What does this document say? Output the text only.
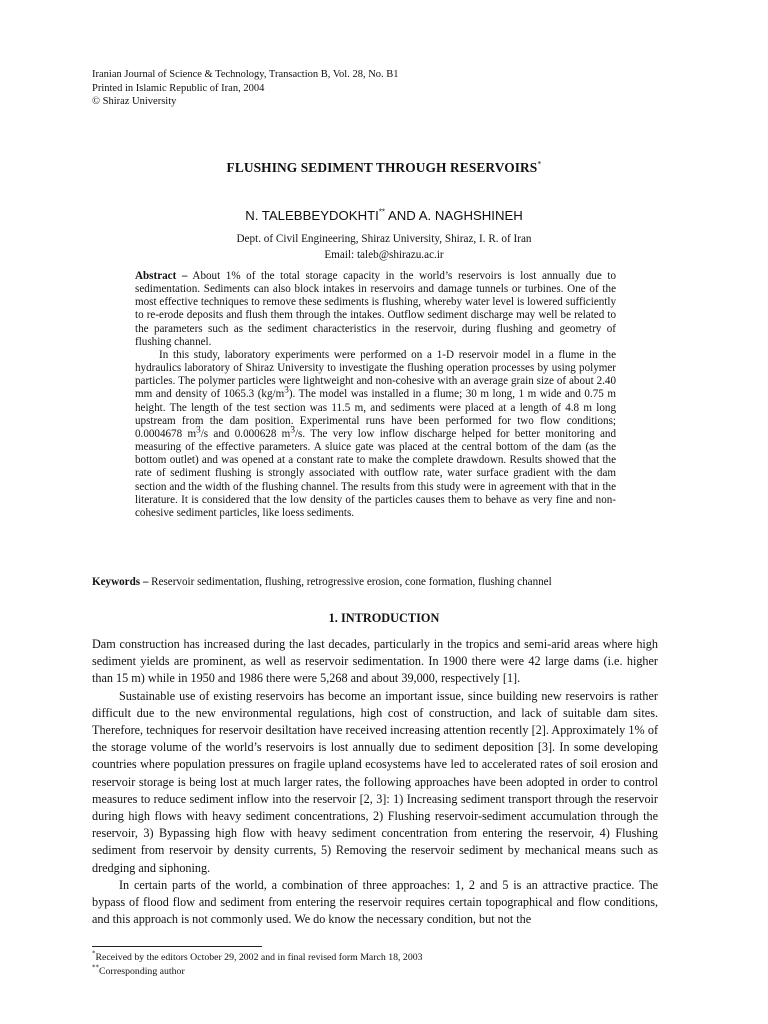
Iranian Journal of Science & Technology, Transaction B, Vol. 28, No. B1
Printed in Islamic Republic of Iran, 2004
© Shiraz University
FLUSHING SEDIMENT THROUGH RESERVOIRS*
N. TALEBBEYDOKHTI** AND A. NAGHSHINEH
Dept. of Civil Engineering, Shiraz University, Shiraz, I. R. of Iran
Email: taleb@shirazu.ac.ir

Abstract – About 1% of the total storage capacity in the world’s reservoirs is lost annually due to sedimentation. Sediments can also block intakes in reservoirs and damage tunnels or turbines. One of the most effective techniques to remove these sediments is flushing, whereby water level is lowered sufficiently to re-erode deposits and flush them through the intakes. Outflow sediment discharge may well be related to the parameters such as the sediment characteristics in the reservoir, during flushing and geometry of flushing channel.

In this study, laboratory experiments were performed on a 1-D reservoir model in a flume in the hydraulics laboratory of Shiraz University to investigate the flushing operation processes by using polymer particles. The polymer particles were lightweight and non-cohesive with an average grain size of about 2.40 mm and density of 1065.3 $(kg/m^3)$. The model was installed in a flume; 30 m long, 1 m wide and 0.75 m height. The length of the test section was 11.5 m, and sediments were placed at a length of 4.8 m long upstream from the dam position. Experimental runs have been performed for two flow conditions; 0.0004678 $m^3/s$ and 0.000628 $m^3/s$. The very low inflow discharge helped for better monitoring and measuring of the effective parameters. A sluice gate was placed at the central bottom of the dam (as the bottom outlet) and was opened at a constant rate to make the complete drawdown. Results showed that the rate of sediment flushing is strongly associated with outflow rate, water surface gradient with the dam section and the width of the flushing channel. The results from this study were in agreement with that in the literature. It is considered that the low density of the particles causes them to behave as very fine and non-cohesive sediment particles, like loess sediments.

Keywords – Reservoir sedimentation, flushing, retrogressive erosion, cone formation, flushing channel
1. INTRODUCTION

Dam construction has increased during the last decades, particularly in the tropics and semi-arid areas where high sediment yields are prominent, as well as reservoir sedimentation. In 1900 there were 42 large dams (i.e. higher than 15 m) while in 1950 and 1986 there were 5,268 and about 39,000, respectively [1].

Sustainable use of existing reservoirs has become an important issue, since building new reservoirs is rather difficult due to the new environmental regulations, high cost of construction, and lack of suitable dam sites. Therefore, techniques for reservoir desiltation have received increasing attention recently [2]. Approximately 1% of the storage volume of the world’s reservoirs is lost annually due to sediment deposition [3]. In some developing countries where population pressures on fragile upland ecosystems have led to accelerated rates of soil erosion and reservoir storage is being lost at much larger rates, the following approaches have been adopted in order to control measures to reduce sediment inflow into the reservoir [2, 3]: 1) Increasing sediment transport through the reservoir during high flows with heavy sediment concentrations, 2) Flushing reservoir-sediment accumulation through the reservoir, 3) Bypassing high flow with heavy sediment concentration from entering the reservoir, 4) Flushing sediment from reservoir by density currents, 5) Removing the reservoir sediment by mechanical means such as dredging and siphoning.

In certain parts of the world, a combination of three approaches: 1, 2 and 5 is an attractive practice. The bypass of flood flow and sediment from entering the reservoir requires certain topographical and flow conditions, and this approach is not commonly used. We do know the necessary condition, but not the

*Received by the editors October 29, 2002 and in final revised form March 18, 2003
**Corresponding author
